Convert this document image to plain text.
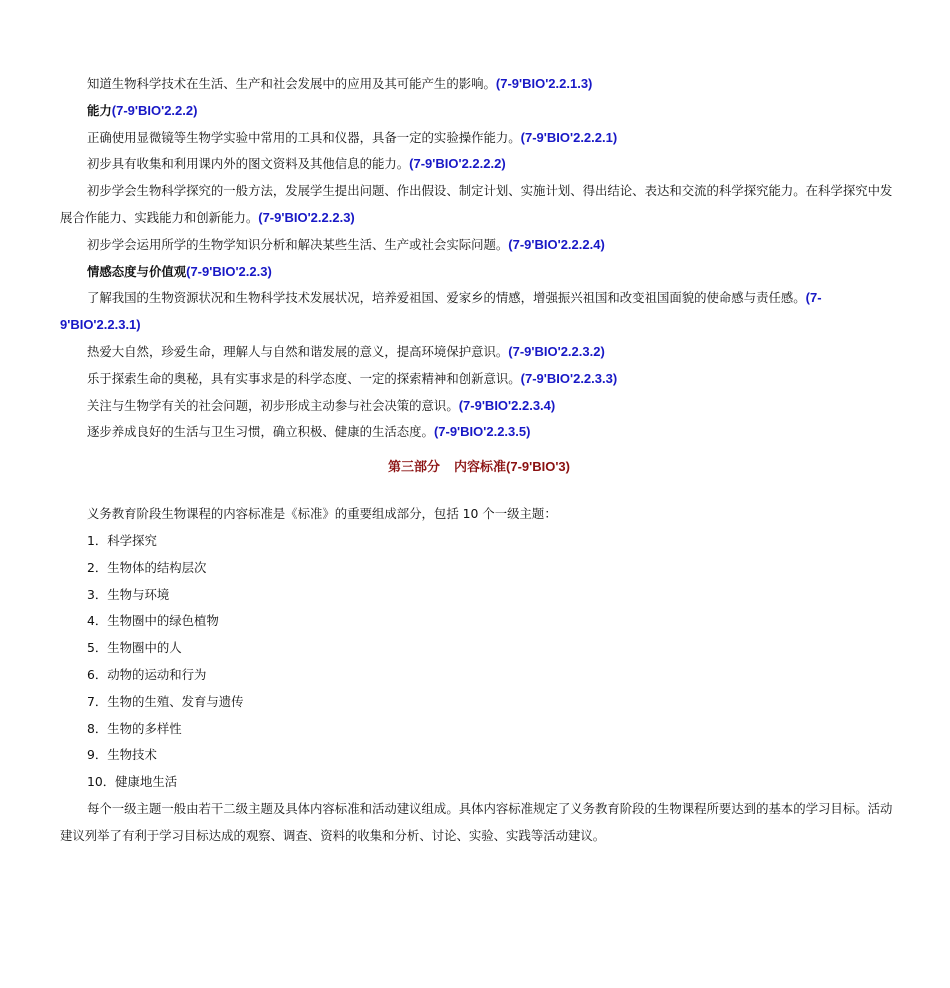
知道生物科学技术在生活、生产和社会发展中的应用及其可能产生的影响。(7-9'BIO'2.2.1.3)

能力(7-9'BIO'2.2.2)

正确使用显微镜等生物学实验中常用的工具和仪器，具备一定的实验操作能力。(7-9'BIO'2.2.2.1)

初步具有收集和利用课内外的图文资料及其他信息的能力。(7-9'BIO'2.2.2.2)

初步学会生物科学探究的一般方法，发展学生提出问题、作出假设、制定计划、实施计划、得出结论、表达和交流的科学探究能力。在科学探究中发展合作能力、实践能力和创新能力。(7-9'BIO'2.2.2.3)

初步学会运用所学的生物学知识分析和解决某些生活、生产或社会实际问题。(7-9'BIO'2.2.2.4)

情感态度与价值观(7-9'BIO'2.2.3)

了解我国的生物资源状况和生物科学技术发展状况，培养爱祖国、爱家乡的情感，增强振兴祖国和改变祖国面貌的使命感与责任感。(7-9'BIO'2.2.3.1)

热爱大自然，珍爱生命，理解人与自然和谐发展的意义，提高环境保护意识。(7-9'BIO'2.2.3.2)

乐于探索生命的奥秘，具有实事求是的科学态度、一定的探索精神和创新意识。(7-9'BIO'2.2.3.3)

关注与生物学有关的社会问题，初步形成主动参与社会决策的意识。(7-9'BIO'2.2.3.4)

逐步养成良好的生活与卫生习惯，确立积极、健康的生活态度。(7-9'BIO'2.2.3.5)

第三部分 内容标准(7-9'BIO'3)

义务教育阶段生物课程的内容标准是《标准》的重要组成部分，包括 10 个一级主题：

1．科学探究

2．生物体的结构层次

3．生物与环境

4．生物圈中的绿色植物

5．生物圈中的人

6．动物的运动和行为

7．生物的生殖、发育与遗传

8．生物的多样性

9．生物技术

10．健康地生活

每个一级主题一般由若干二级主题及具体内容标准和活动建议组成。具体内容标准规定了义务教育阶段的生物课程所要达到的基本的学习目标。活动建议列举了有利于学习目标达成的观察、调查、资料的收集和分析、讨论、实验、实践等活动建议。
